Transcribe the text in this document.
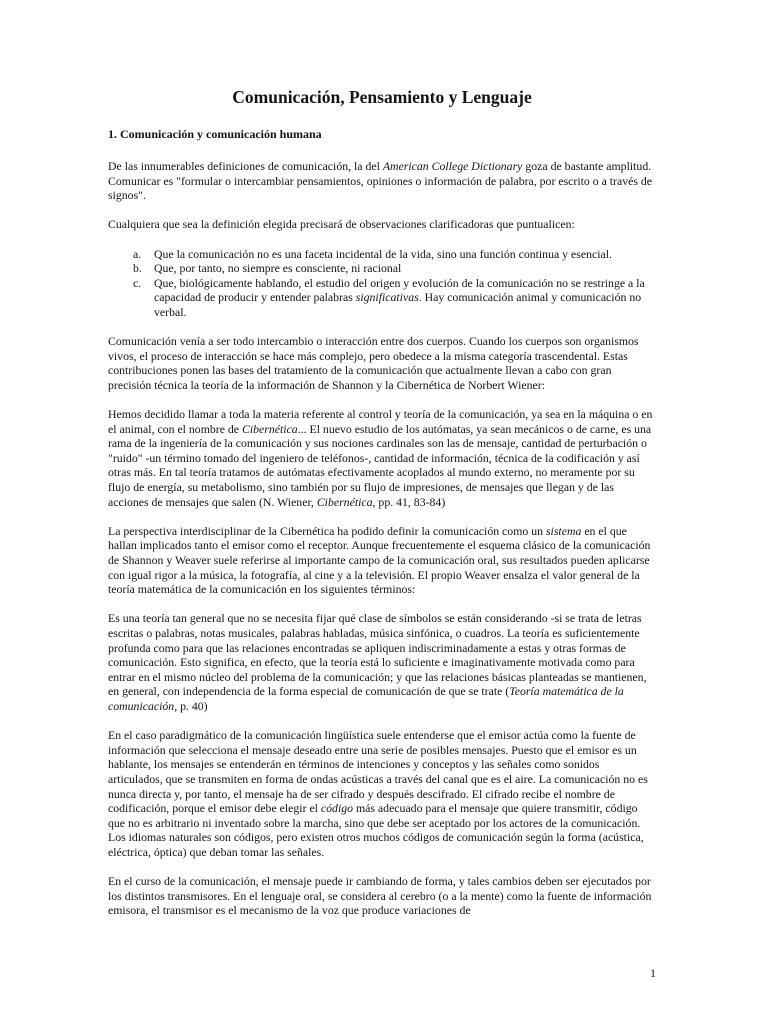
Comunicación, Pensamiento y Lenguaje
1. Comunicación y comunicación humana

De las innumerables definiciones de comunicación, la del American College Dictionary goza de bastante amplitud. Comunicar es "formular o intercambiar pensamientos, opiniones o información de palabra, por escrito o a través de signos".

Cualquiera que sea la definición elegida precisará de observaciones clarificadoras que puntualicen:

a. Que la comunicación no es una faceta incidental de la vida, sino una función continua y esencial.
b. Que, por tanto, no siempre es consciente, ni racional
c. Que, biológicamente hablando, el estudio del origen y evolución de la comunicación no se restringe a la capacidad de producir y entender palabras significativas. Hay comunicación animal y comunicación no verbal.

Comunicación venía a ser todo intercambio o interacción entre dos cuerpos. Cuando los cuerpos son organismos vivos, el proceso de interacción se hace más complejo, pero obedece a la misma categoría trascendental. Estas contribuciones ponen las bases del tratamiento de la comunicación que actualmente llevan a cabo con gran precisión técnica la teoría de la información de Shannon y la Cibernética de Norbert Wiener:

Hemos decidido llamar a toda la materia referente al control y teoría de la comunicación, ya sea en la máquina o en el animal, con el nombre de Cibernética... El nuevo estudio de los autómatas, ya sean mecánicos o de carne, es una rama de la ingeniería de la comunicación y sus nociones cardinales son las de mensaje, cantidad de perturbación o "ruido" -un término tomado del ingeniero de teléfonos-, cantidad de información, técnica de la codificación y así otras más. En tal teoría tratamos de autómatas efectivamente acoplados al mundo externo, no meramente por su flujo de energía, su metabolismo, sino también por su flujo de impresiones, de mensajes que llegan y de las acciones de mensajes que salen (N. Wiener, Cibernética, pp. 41, 83-84)

La perspectiva interdisciplinar de la Cibernética ha podido definir la comunicación como un sistema en el que hallan implicados tanto el emisor como el receptor. Aunque frecuentemente el esquema clásico de la comunicación de Shannon y Weaver suele referirse al importante campo de la comunicación oral, sus resultados pueden aplicarse con igual rigor a la música, la fotografía, al cine y a la televisión. El propio Weaver ensalza el valor general de la teoría matemática de la comunicación en los siguientes términos:

Es una teoría tan general que no se necesita fijar qué clase de símbolos se están considerando -si se trata de letras escritas o palabras, notas musicales, palabras habladas, música sinfónica, o cuadros. La teoría es suficientemente profunda como para que las relaciones encontradas se apliquen indiscriminadamente a estas y otras formas de comunicación. Esto significa, en efecto, que la teoría está lo suficiente e imaginativamente motivada como para entrar en el mismo núcleo del problema de la comunicación; y que las relaciones básicas planteadas se mantienen, en general, con independencia de la forma especial de comunicación de que se trate (Teoría matemática de la comunicación, p. 40)

En el caso paradigmático de la comunicación lingüística suele entenderse que el emisor actúa como la fuente de información que selecciona el mensaje deseado entre una serie de posibles mensajes. Puesto que el emisor es un hablante, los mensajes se entenderán en términos de intenciones y conceptos y las señales como sonidos articulados, que se transmiten en forma de ondas acústicas a través del canal que es el aire. La comunicación no es nunca directa y, por tanto, el mensaje ha de ser cifrado y después descifrado. El cifrado recibe el nombre de codificación, porque el emisor debe elegir el código más adecuado para el mensaje que quiere transmitir, código que no es arbitrario ni inventado sobre la marcha, sino que debe ser aceptado por los actores de la comunicación. Los idiomas naturales son códigos, pero existen otros muchos códigos de comunicación según la forma (acústica, eléctrica, óptica) que deban tomar las señales.

En el curso de la comunicación, el mensaje puede ir cambiando de forma, y tales cambios deben ser ejecutados por los distintos transmisores. En el lenguaje oral, se considera al cerebro (o a la mente) como la fuente de información emisora, el transmisor es el mecanismo de la voz que produce variaciones de

1
